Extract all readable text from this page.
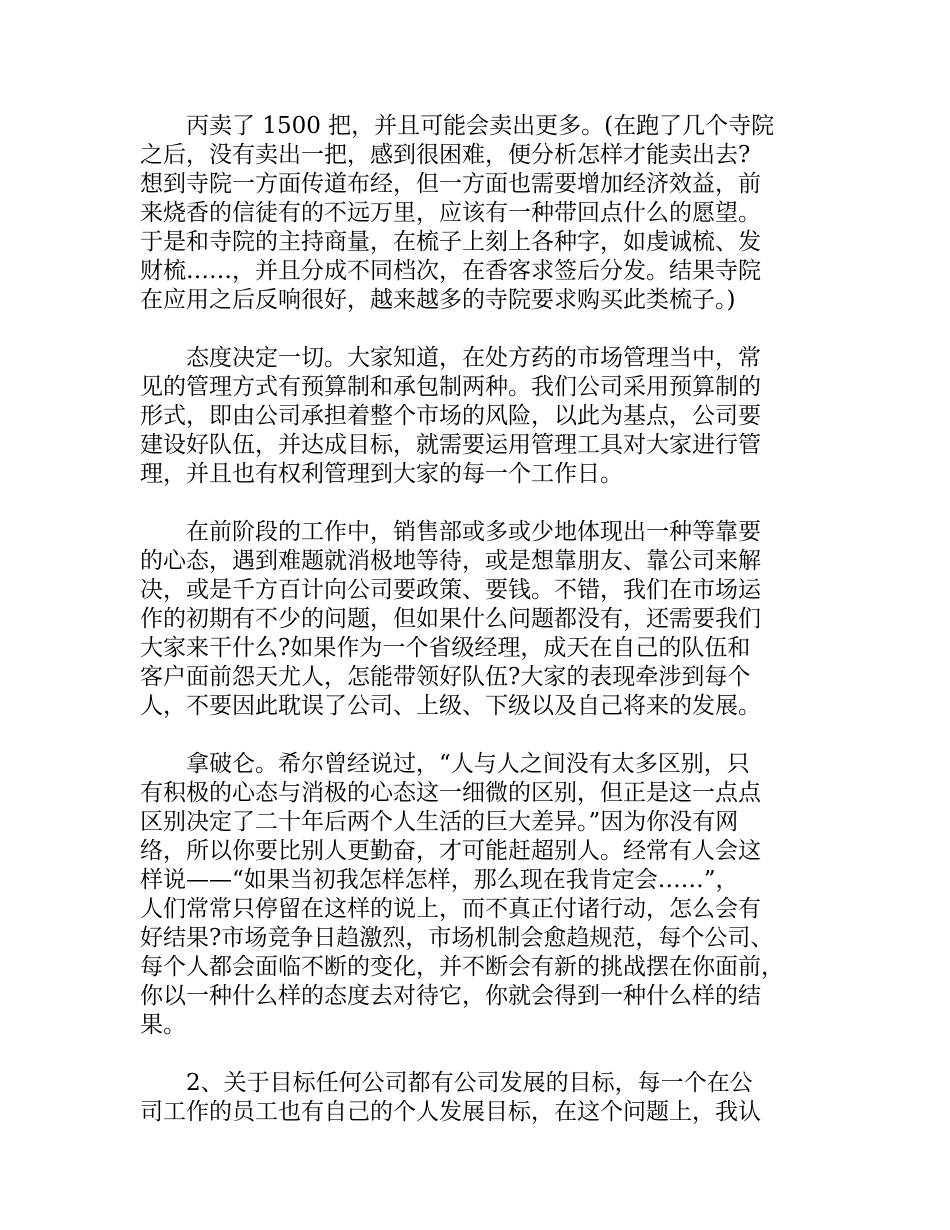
丙卖了 1500 把，并且可能会卖出更多。(在跑了几个寺院
之后，没有卖出一把，感到很困难，便分析怎样才能卖出去?
想到寺院一方面传道布经，但一方面也需要增加经济效益，前
来烧香的信徒有的不远万里，应该有一种带回点什么的愿望。
于是和寺院的主持商量，在梳子上刻上各种字，如虔诚梳、发
财梳……，并且分成不同档次，在香客求签后分发。结果寺院
在应用之后反响很好，越来越多的寺院要求购买此类梳子。)
态度决定一切。大家知道，在处方药的市场管理当中，常
见的管理方式有预算制和承包制两种。我们公司采用预算制的
形式，即由公司承担着整个市场的风险，以此为基点，公司要
建设好队伍，并达成目标，就需要运用管理工具对大家进行管
理，并且也有权利管理到大家的每一个工作日。
在前阶段的工作中，销售部或多或少地体现出一种等靠要
的心态，遇到难题就消极地等待，或是想靠朋友、靠公司来解
决，或是千方百计向公司要政策、要钱。不错，我们在市场运
作的初期有不少的问题，但如果什么问题都没有，还需要我们
大家来干什么?如果作为一个省级经理，成天在自己的队伍和
客户面前怨天尤人，怎能带领好队伍?大家的表现牵涉到每个
人，不要因此耽误了公司、上级、下级以及自己将来的发展。
拿破仑。希尔曾经说过，“人与人之间没有太多区别，只
有积极的心态与消极的心态这一细微的区别，但正是这一点点
区别决定了二十年后两个人生活的巨大差异。”因为你没有网
络，所以你要比别人更勤奋，才可能赶超别人。经常有人会这
样说——“如果当初我怎样怎样，那么现在我肯定会……”，
人们常常只停留在这样的说上，而不真正付诸行动，怎么会有
好结果?市场竞争日趋激烈，市场机制会愈趋规范，每个公司、
每个人都会面临不断的变化，并不断会有新的挑战摆在你面前，
你以一种什么样的态度去对待它，你就会得到一种什么样的结
果。
2、关于目标任何公司都有公司发展的目标，每一个在公
司工作的员工也有自己的个人发展目标，在这个问题上，我认
